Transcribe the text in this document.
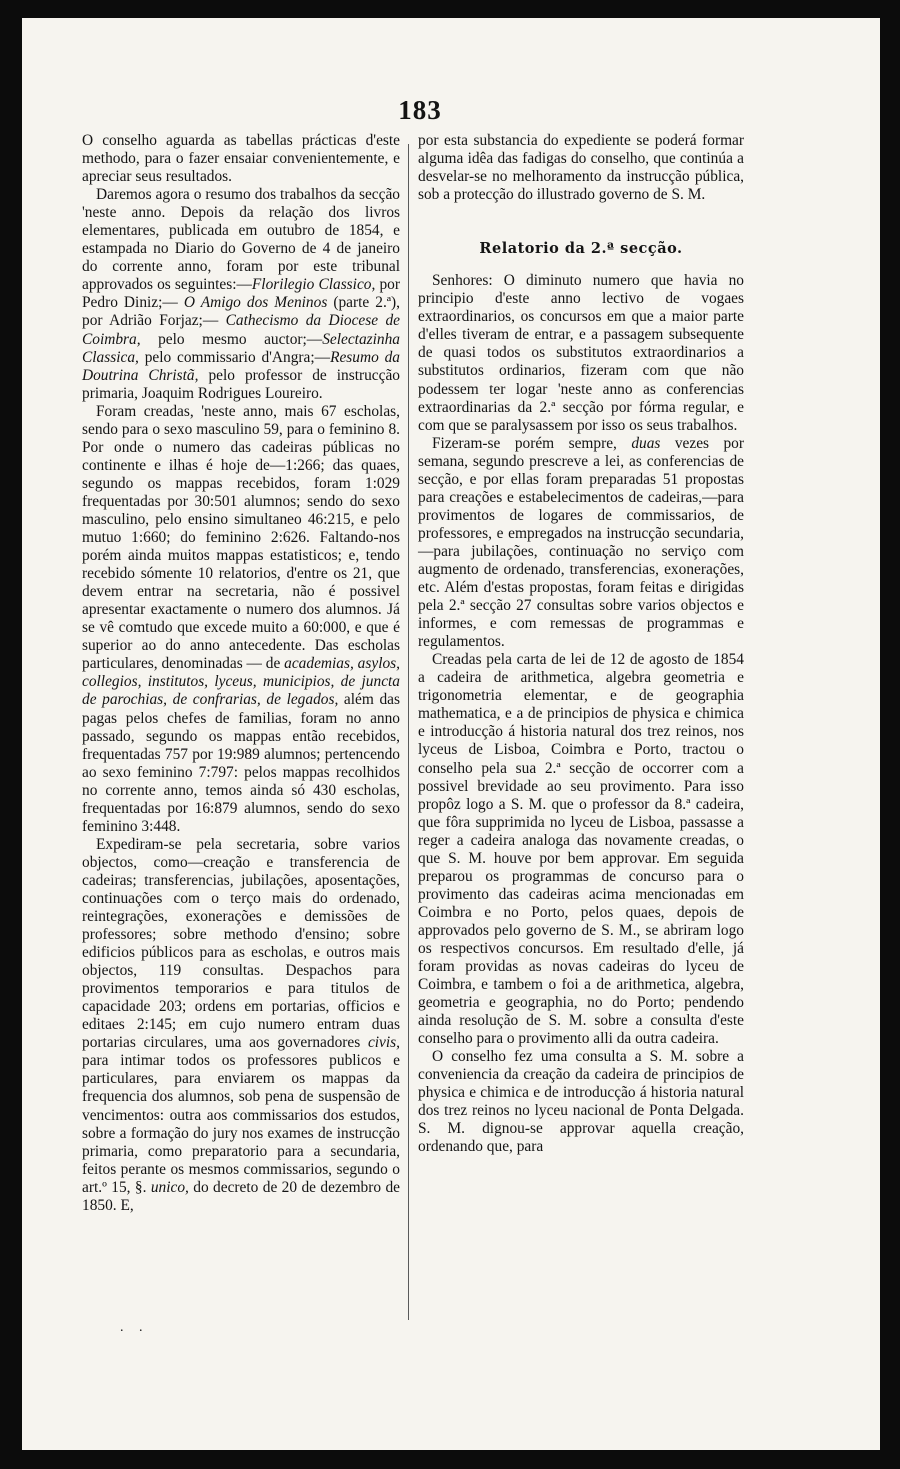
183

O conselho aguarda as tabellas prácticas d'este methodo, para o fazer ensaiar convenientemente, e apreciar seus resultados.

Daremos agora o resumo dos trabalhos da secção 'neste anno. Depois da relação dos livros elementares, publicada em outubro de 1854, e estampada no Diario do Governo de 4 de janeiro do corrente anno, foram por este tribunal approvados os seguintes:—Florilegio Classico, por Pedro Diniz;— O Amigo dos Meninos (parte 2.ª), por Adrião Forjaz;— Cathecismo da Diocese de Coimbra, pelo mesmo auctor;—Selectazinha Classica, pelo commissario d'Angra;—Resumo da Doutrina Christã, pelo professor de instrucção primaria, Joaquim Rodrigues Loureiro.

Foram creadas, 'neste anno, mais 67 escholas, sendo para o sexo masculino 59, para o feminino 8. Por onde o numero das cadeiras públicas no continente e ilhas é hoje de—1:266; das quaes, segundo os mappas recebidos, foram 1:029 frequentadas por 30:501 alumnos; sendo do sexo masculino, pelo ensino simultaneo 46:215, e pelo mutuo 1:660; do feminino 2:626. Faltando-nos porém ainda muitos mappas estatisticos; e, tendo recebido sómente 10 relatorios, d'entre os 21, que devem entrar na secretaria, não é possivel apresentar exactamente o numero dos alumnos. Já se vê comtudo que excede muito a 60:000, e que é superior ao do anno antecedente. Das escholas particulares, denominadas — de academias, asylos, collegios, institutos, lyceus, municipios, de juncta de parochias, de confrarias, de legados, além das pagas pelos chefes de familias, foram no anno passado, segundo os mappas então recebidos, frequentadas 757 por 19:989 alumnos; pertencendo ao sexo feminino 7:797: pelos mappas recolhidos no corrente anno, temos ainda só 430 escholas, frequentadas por 16:879 alumnos, sendo do sexo feminino 3:448.

Expediram-se pela secretaria, sobre varios objectos, como—creação e transferencia de cadeiras; transferencias, jubilações, aposentações, continuações com o terço mais do ordenado, reintegrações, exonerações e demissões de professores; sobre methodo d'ensino; sobre edificios públicos para as escholas, e outros mais objectos, 119 consultas. Despachos para provimentos temporarios e para titulos de capacidade 203; ordens em portarias, officios e editaes 2:145; em cujo numero entram duas portarias circulares, uma aos governadores civis, para intimar todos os professores publicos e particulares, para enviarem os mappas da frequencia dos alumnos, sob pena de suspensão de vencimentos: outra aos commissarios dos estudos, sobre a formação do jury nos exames de instrucção primaria, como preparatorio para a secundaria, feitos perante os mesmos commissarios, segundo o art.º 15, §. unico, do decreto de 20 de dezembro de 1850. E,

por esta substancia do expediente se poderá formar alguma idêa das fadigas do conselho, que continúa a desvelar-se no melhoramento da instrucção pública, sob a protecção do illustrado governo de S. M.

Relatorio da 2.ª secção.

Senhores: O diminuto numero que havia no principio d'este anno lectivo de vogaes extraordinarios, os concursos em que a maior parte d'elles tiveram de entrar, e a passagem subsequente de quasi todos os substitutos extraordinarios a substitutos ordinarios, fizeram com que não podessem ter logar 'neste anno as conferencias extraordinarias da 2.ª secção por fórma regular, e com que se paralysassem por isso os seus trabalhos.

Fizeram-se porém sempre, duas vezes por semana, segundo prescreve a lei, as conferencias de secção, e por ellas foram preparadas 51 propostas para creações e estabelecimentos de cadeiras,—para provimentos de logares de commissarios, de professores, e empregados na instrucção secundaria,—para jubilações, continuação no serviço com augmento de ordenado, transferencias, exonerações, etc. Além d'estas propostas, foram feitas e dirigidas pela 2.ª secção 27 consultas sobre varios objectos e informes, e com remessas de programmas e regulamentos.

Creadas pela carta de lei de 12 de agosto de 1854 a cadeira de arithmetica, algebra geometria e trigonometria elementar, e de geographia mathematica, e a de principios de physica e chimica e introducção á historia natural dos trez reinos, nos lyceus de Lisboa, Coimbra e Porto, tractou o conselho pela sua 2.ª secção de occorrer com a possivel brevidade ao seu provimento. Para isso propôz logo a S. M. que o professor da 8.ª cadeira, que fôra supprimida no lyceu de Lisboa, passasse a reger a cadeira analoga das novamente creadas, o que S. M. houve por bem approvar. Em seguida preparou os programmas de concurso para o provimento das cadeiras acima mencionadas em Coimbra e no Porto, pelos quaes, depois de approvados pelo governo de S. M., se abriram logo os respectivos concursos. Em resultado d'elle, já foram providas as novas cadeiras do lyceu de Coimbra, e tambem o foi a de arithmetica, algebra, geometria e geographia, no do Porto; pendendo ainda resolução de S. M. sobre a consulta d'este conselho para o provimento alli da outra cadeira.

O conselho fez uma consulta a S. M. sobre a conveniencia da creação da cadeira de principios de physica e chimica e de introducção á historia natural dos trez reinos no lyceu nacional de Ponta Delgada. S. M. dignou-se approvar aquella creação, ordenando que, para

. .
